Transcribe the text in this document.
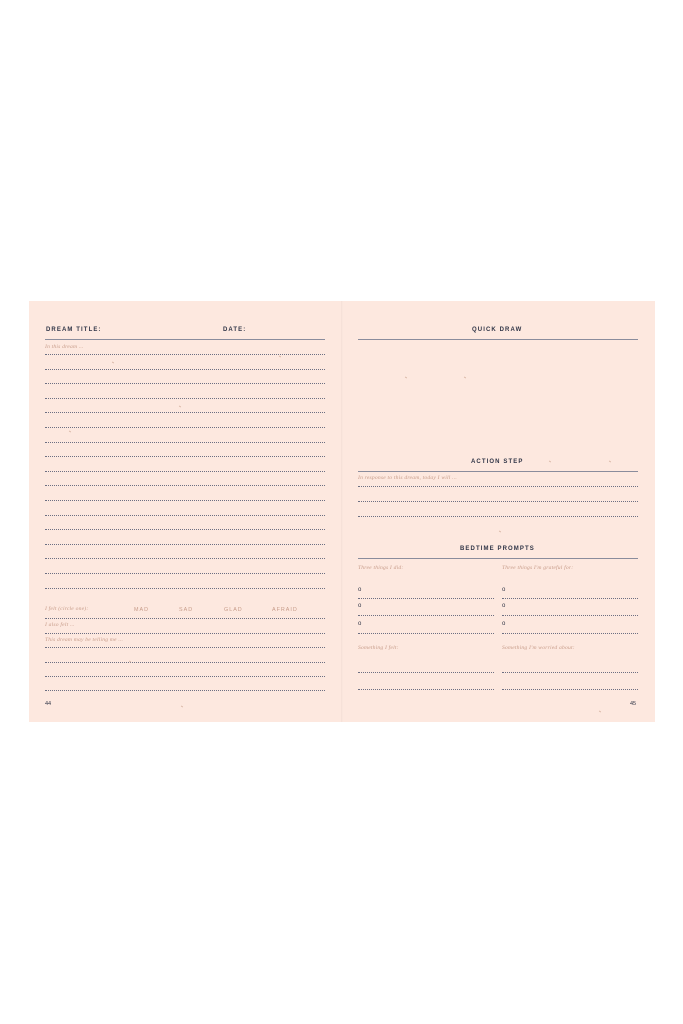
DREAM TITLE:	DATE:
In this dream ...
I felt (circle one):	MAD	SAD	GLAD	AFRAID
I also felt ...
This dream may be telling me ...
44
QUICK DRAW
ACTION STEP
In response to this dream, today I will ...
BEDTIME PROMPTS
Three things I did:	Three things I'm grateful for:
o	o
o	o
o	o
Something I felt:	Something I'm worried about:
45
